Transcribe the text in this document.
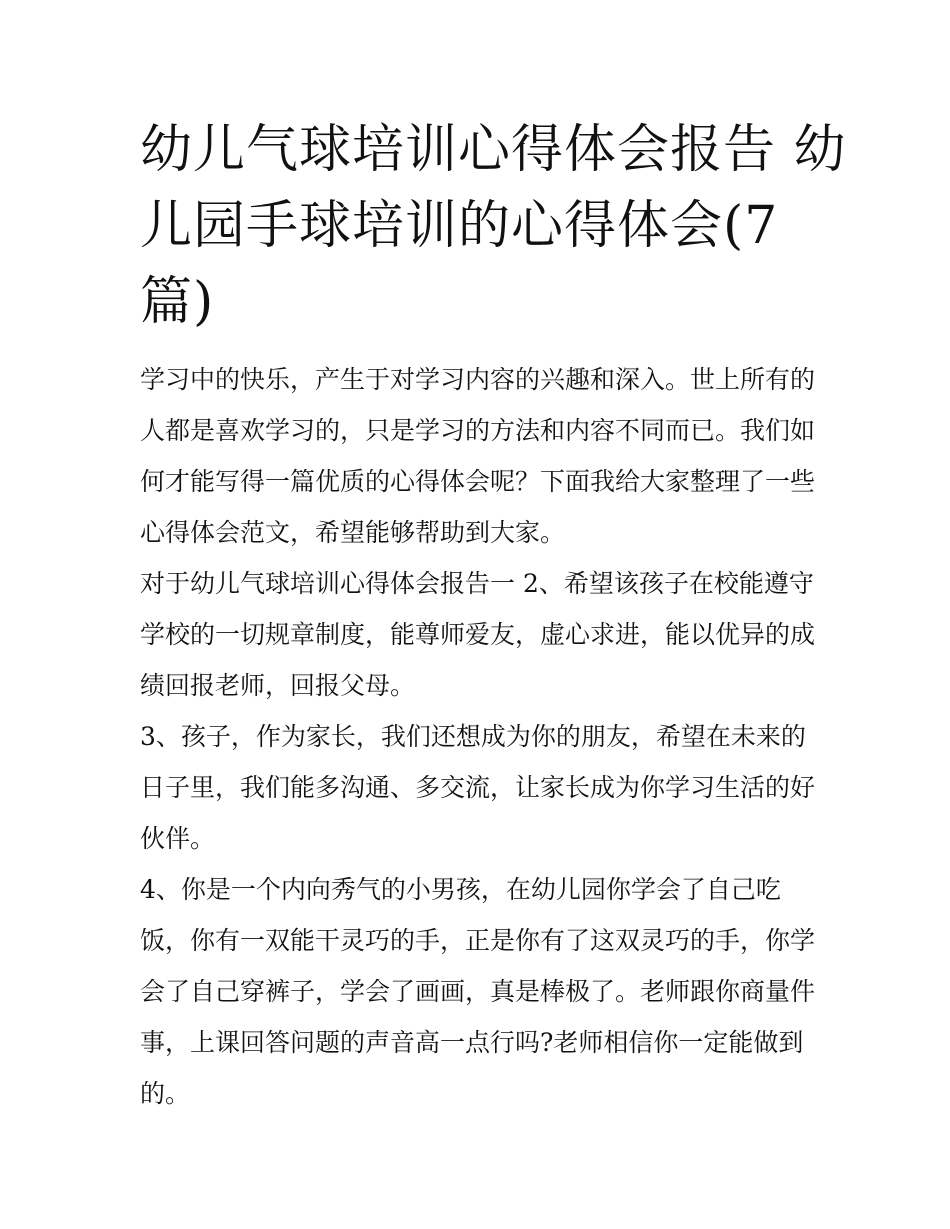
幼儿气球培训心得体会报告 幼
儿园手球培训的心得体会(7
篇)

学习中的快乐，产生于对学习内容的兴趣和深入。世上所有的
人都是喜欢学习的，只是学习的方法和内容不同而已。我们如
何才能写得一篇优质的心得体会呢？下面我给大家整理了一些
心得体会范文，希望能够帮助到大家。

对于幼儿气球培训心得体会报告一 2、希望该孩子在校能遵守
学校的一切规章制度，能尊师爱友，虚心求进，能以优异的成
绩回报老师，回报父母。

3、孩子，作为家长，我们还想成为你的朋友，希望在未来的
日子里，我们能多沟通、多交流，让家长成为你学习生活的好
伙伴。

4、你是一个内向秀气的小男孩，在幼儿园你学会了自己吃
饭，你有一双能干灵巧的手，正是你有了这双灵巧的手，你学
会了自己穿裤子，学会了画画，真是棒极了。老师跟你商量件
事，上课回答问题的声音高一点行吗?老师相信你一定能做到
的。
